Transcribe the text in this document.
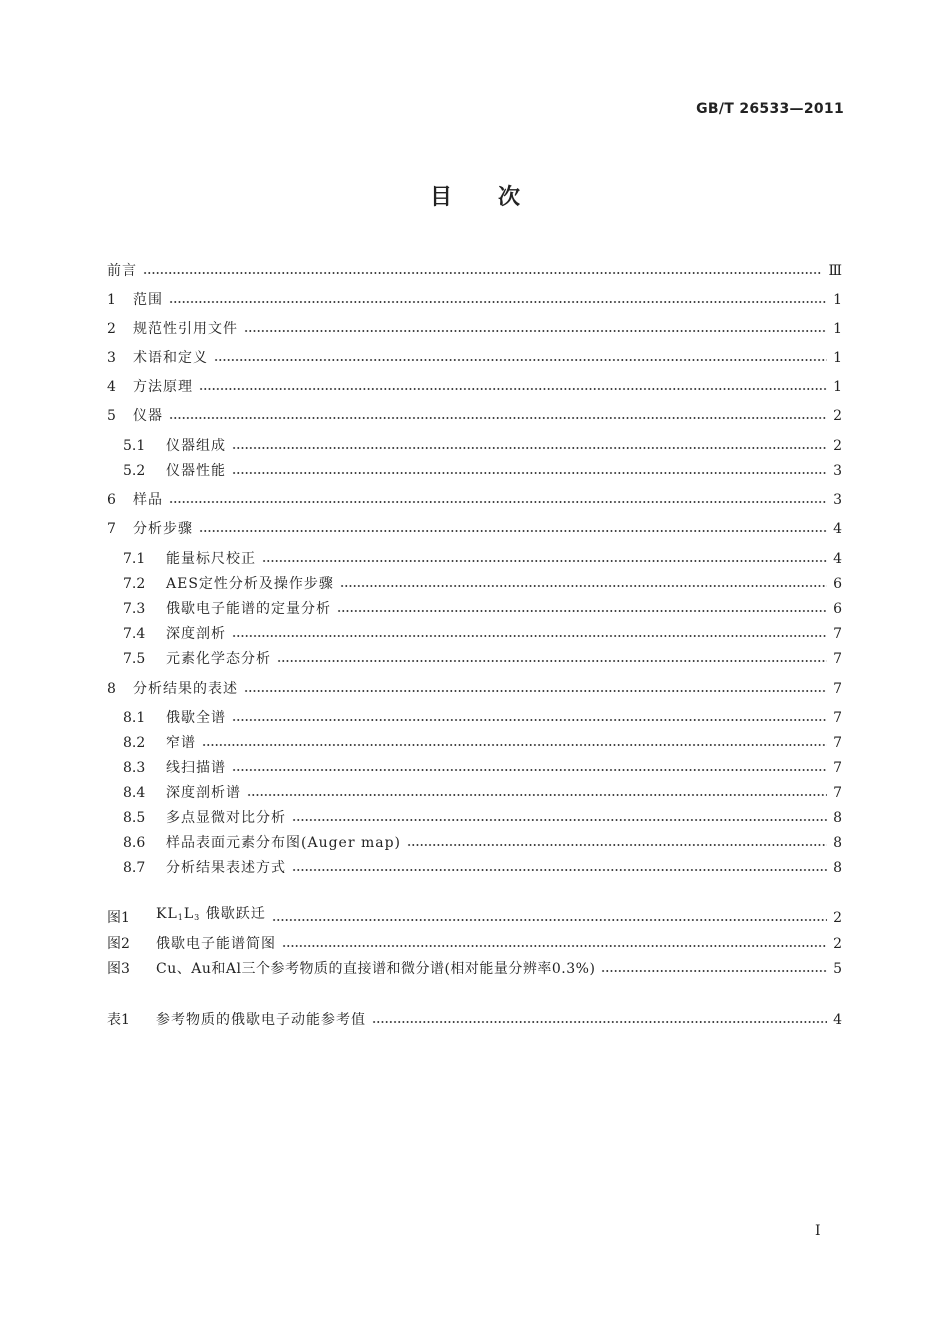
GB/T 26533—2011
目次
前言	Ⅲ
1	范围	1
2	规范性引用文件	1
3	术语和定义	1
4	方法原理	1
5	仪器	2
5.1	仪器组成	2
5.2	仪器性能	3
6	样品	3
7	分析步骤	4
7.1	能量标尺校正	4
7.2	AES定性分析及操作步骤	6
7.3	俄歇电子能谱的定量分析	6
7.4	深度剖析	7
7.5	元素化学态分析	7
8	分析结果的表述	7
8.1	俄歇全谱	7
8.2	窄谱	7
8.3	线扫描谱	7
8.4	深度剖析谱	7
8.5	多点显微对比分析	8
8.6	样品表面元素分布图(Auger map)	8
8.7	分析结果表述方式	8
图1	$KL_1L_3$ 俄歇跃迁	2
图2	俄歇电子能谱简图	2
图3	Cu、Au和Al三个参考物质的直接谱和微分谱(相对能量分辨率0.3%)	5
表1	参考物质的俄歇电子动能参考值	4
I
